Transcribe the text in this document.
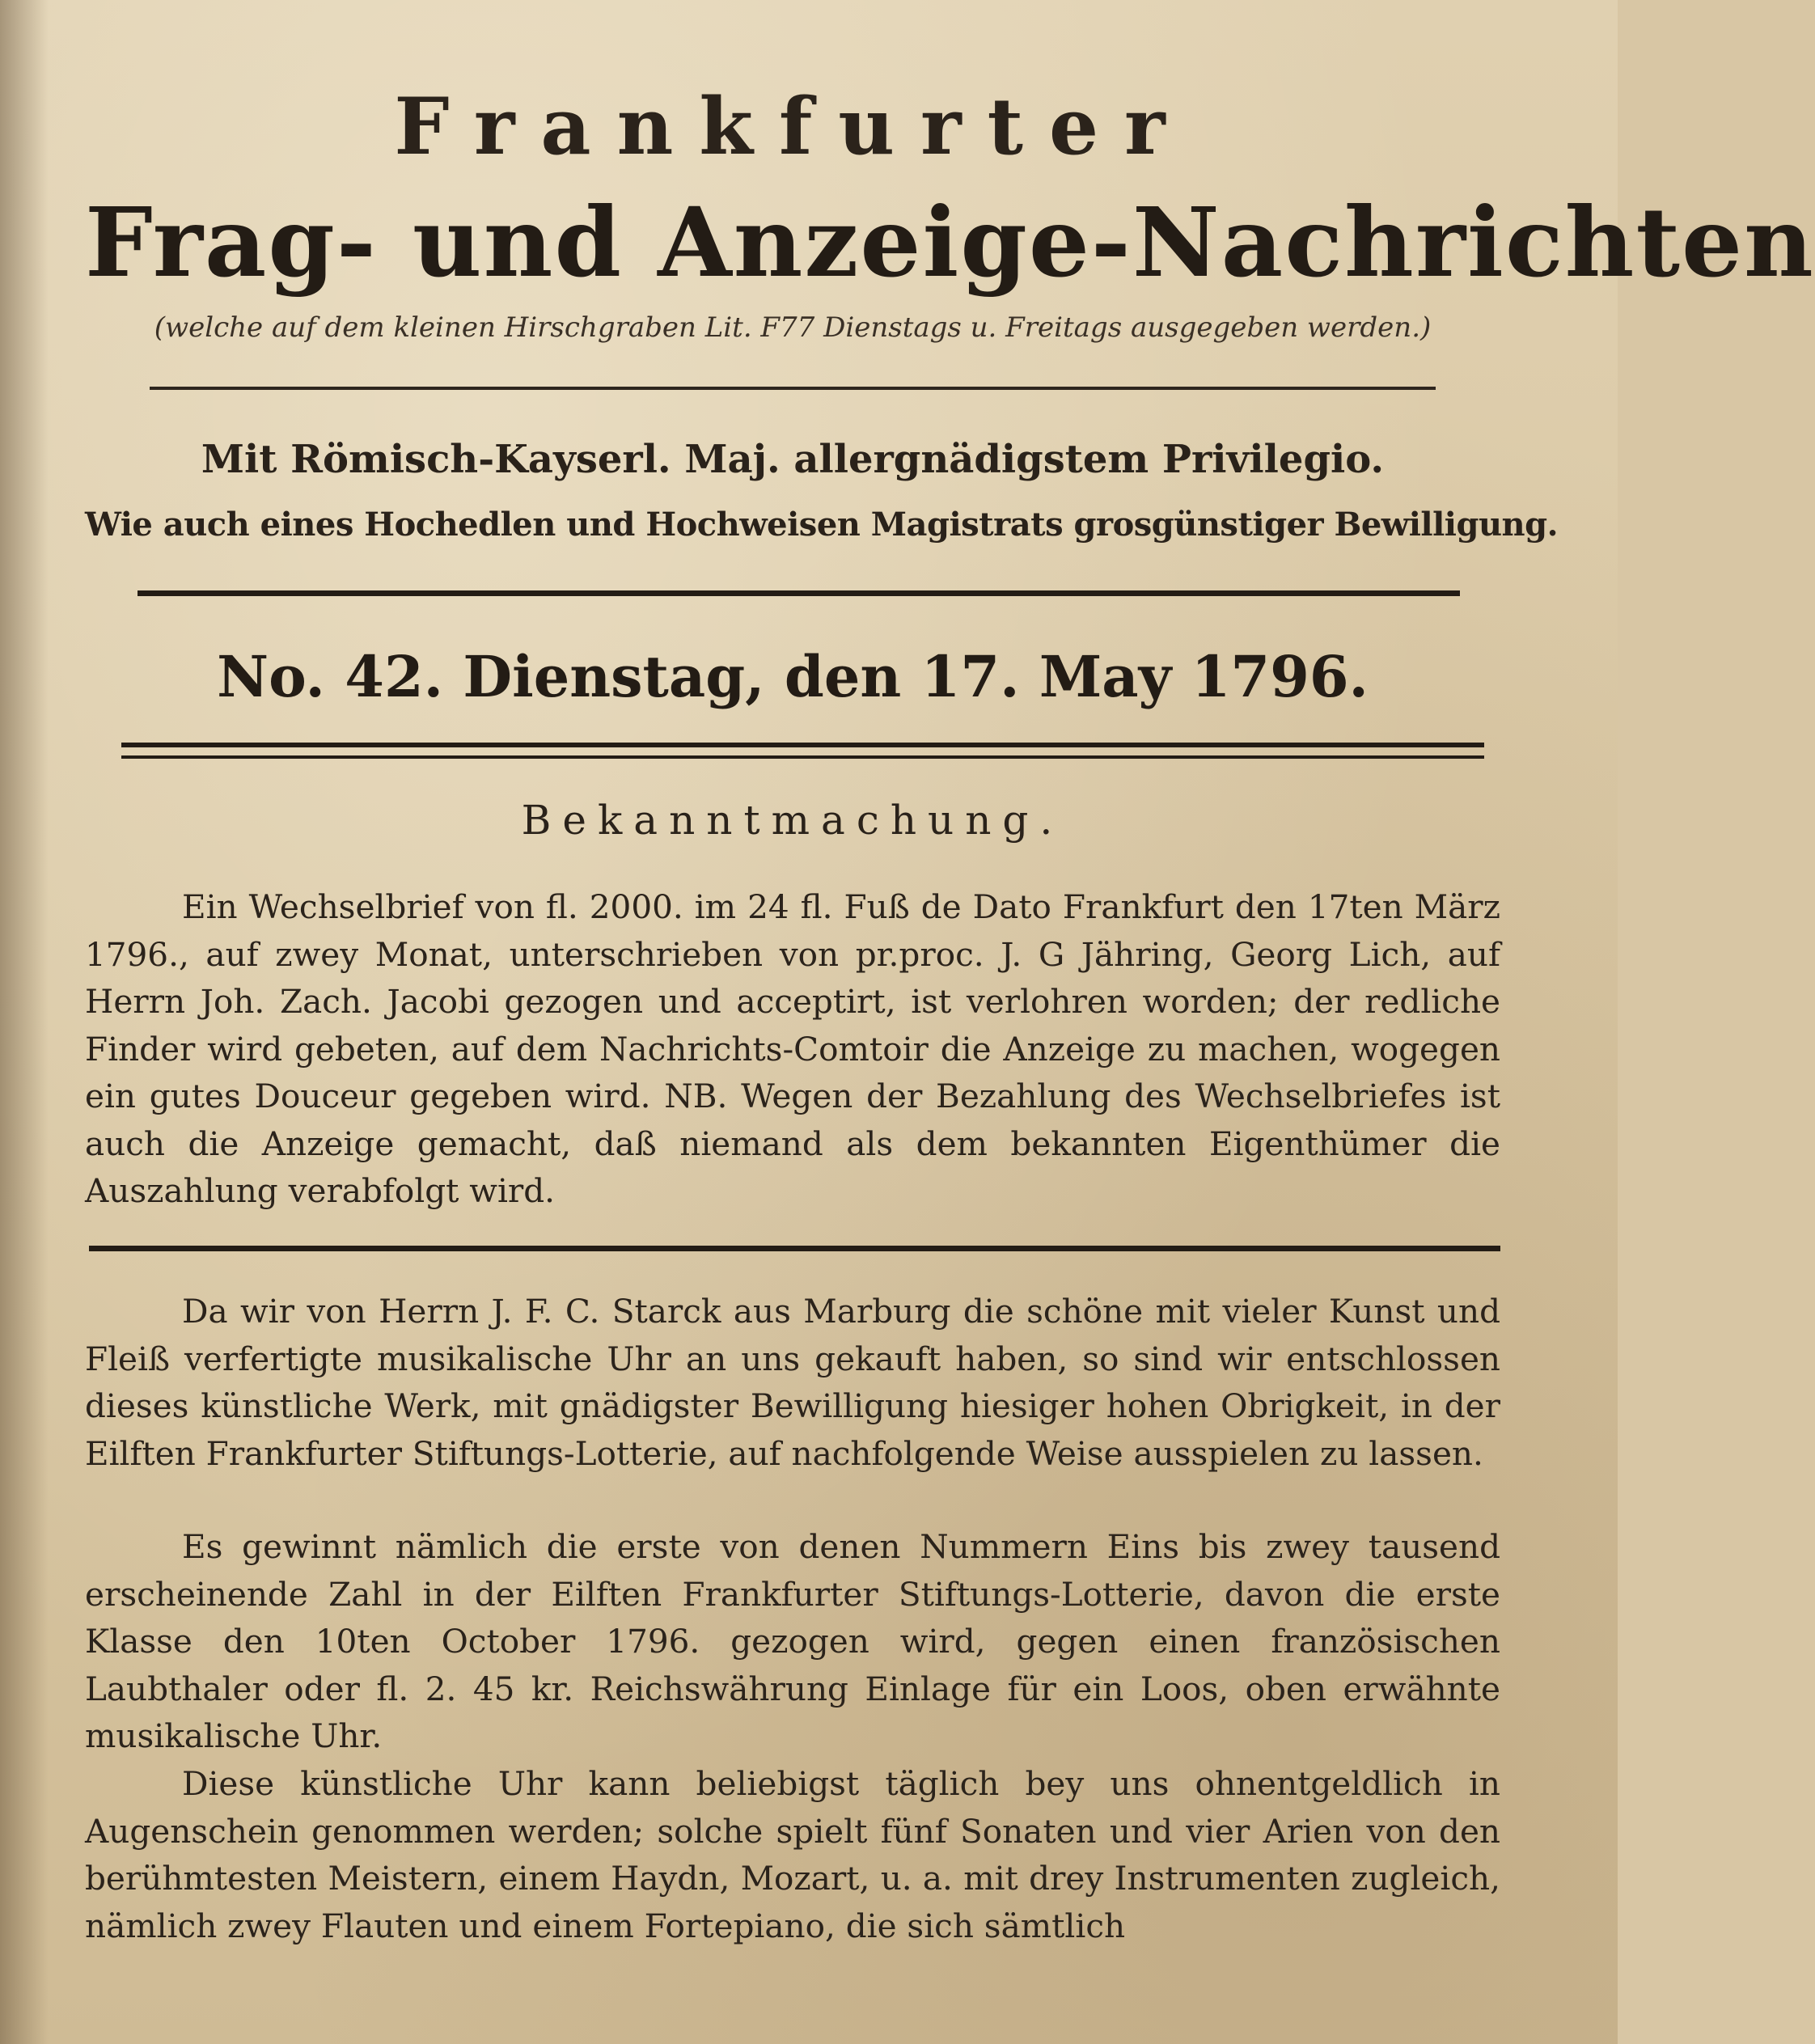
Frankfurter
Frag- und Anzeige-Nachrichten
(welche auf dem kleinen Hirschgraben Lit. F77 Dienstags u. Freitags ausgegeben werden.)
Mit Römisch-Kayserl. Maj. allergnädigstem Privilegio.
Wie auch eines Hochedlen und Hochweisen Magistrats grosgünstiger Bewilligung.
No. 42. Dienstag, den 17. May 1796.
Bekanntmachung.
Ein Wechselbrief von fl. 2000. im 24 fl. Fuß de Dato Frankfurt den 17ten März 1796., auf zwey Monat, unterschrieben von pr.proc. J. G Jähring, Georg Lich, auf Herrn Joh. Zach. Jacobi gezogen und acceptirt, ist verlohren worden; der redliche Finder wird gebeten, auf dem Nachrichts-Comtoir die Anzeige zu machen, wogegen ein gutes Douceur gegeben wird. NB. Wegen der Bezahlung des Wechselbriefes ist auch die Anzeige gemacht, daß niemand als dem bekannten Eigenthümer die Auszahlung verabfolgt wird.
Da wir von Herrn J. F. C. Starck aus Marburg die schöne mit vieler Kunst und Fleiß verfertigte musikalische Uhr an uns gekauft haben, so sind wir entschlossen dieses künstliche Werk, mit gnädigster Bewilligung hiesiger hohen Obrigkeit, in der Eilften Frankfurter Stiftungs-Lotterie, auf nachfolgende Weise ausspielen zu lassen.
Es gewinnt nämlich die erste von denen Nummern Eins bis zwey tausend erscheinende Zahl in der Eilften Frankfurter Stiftungs-Lotterie, davon die erste Klasse den 10ten October 1796. gezogen wird, gegen einen französischen Laubthaler oder fl. 2. 45 kr. Reichswährung Einlage für ein Loos, oben erwähnte musikalische Uhr.
Diese künstliche Uhr kann beliebigst täglich bey uns ohnentgeldlich in Augenschein genommen werden; solche spielt fünf Sonaten und vier Arien von den berühmtesten Meistern, einem Haydn, Mozart, u. a. mit drey Instrumenten zugleich, nämlich zwey Flauten und einem Fortepiano, die sich sämtlich
